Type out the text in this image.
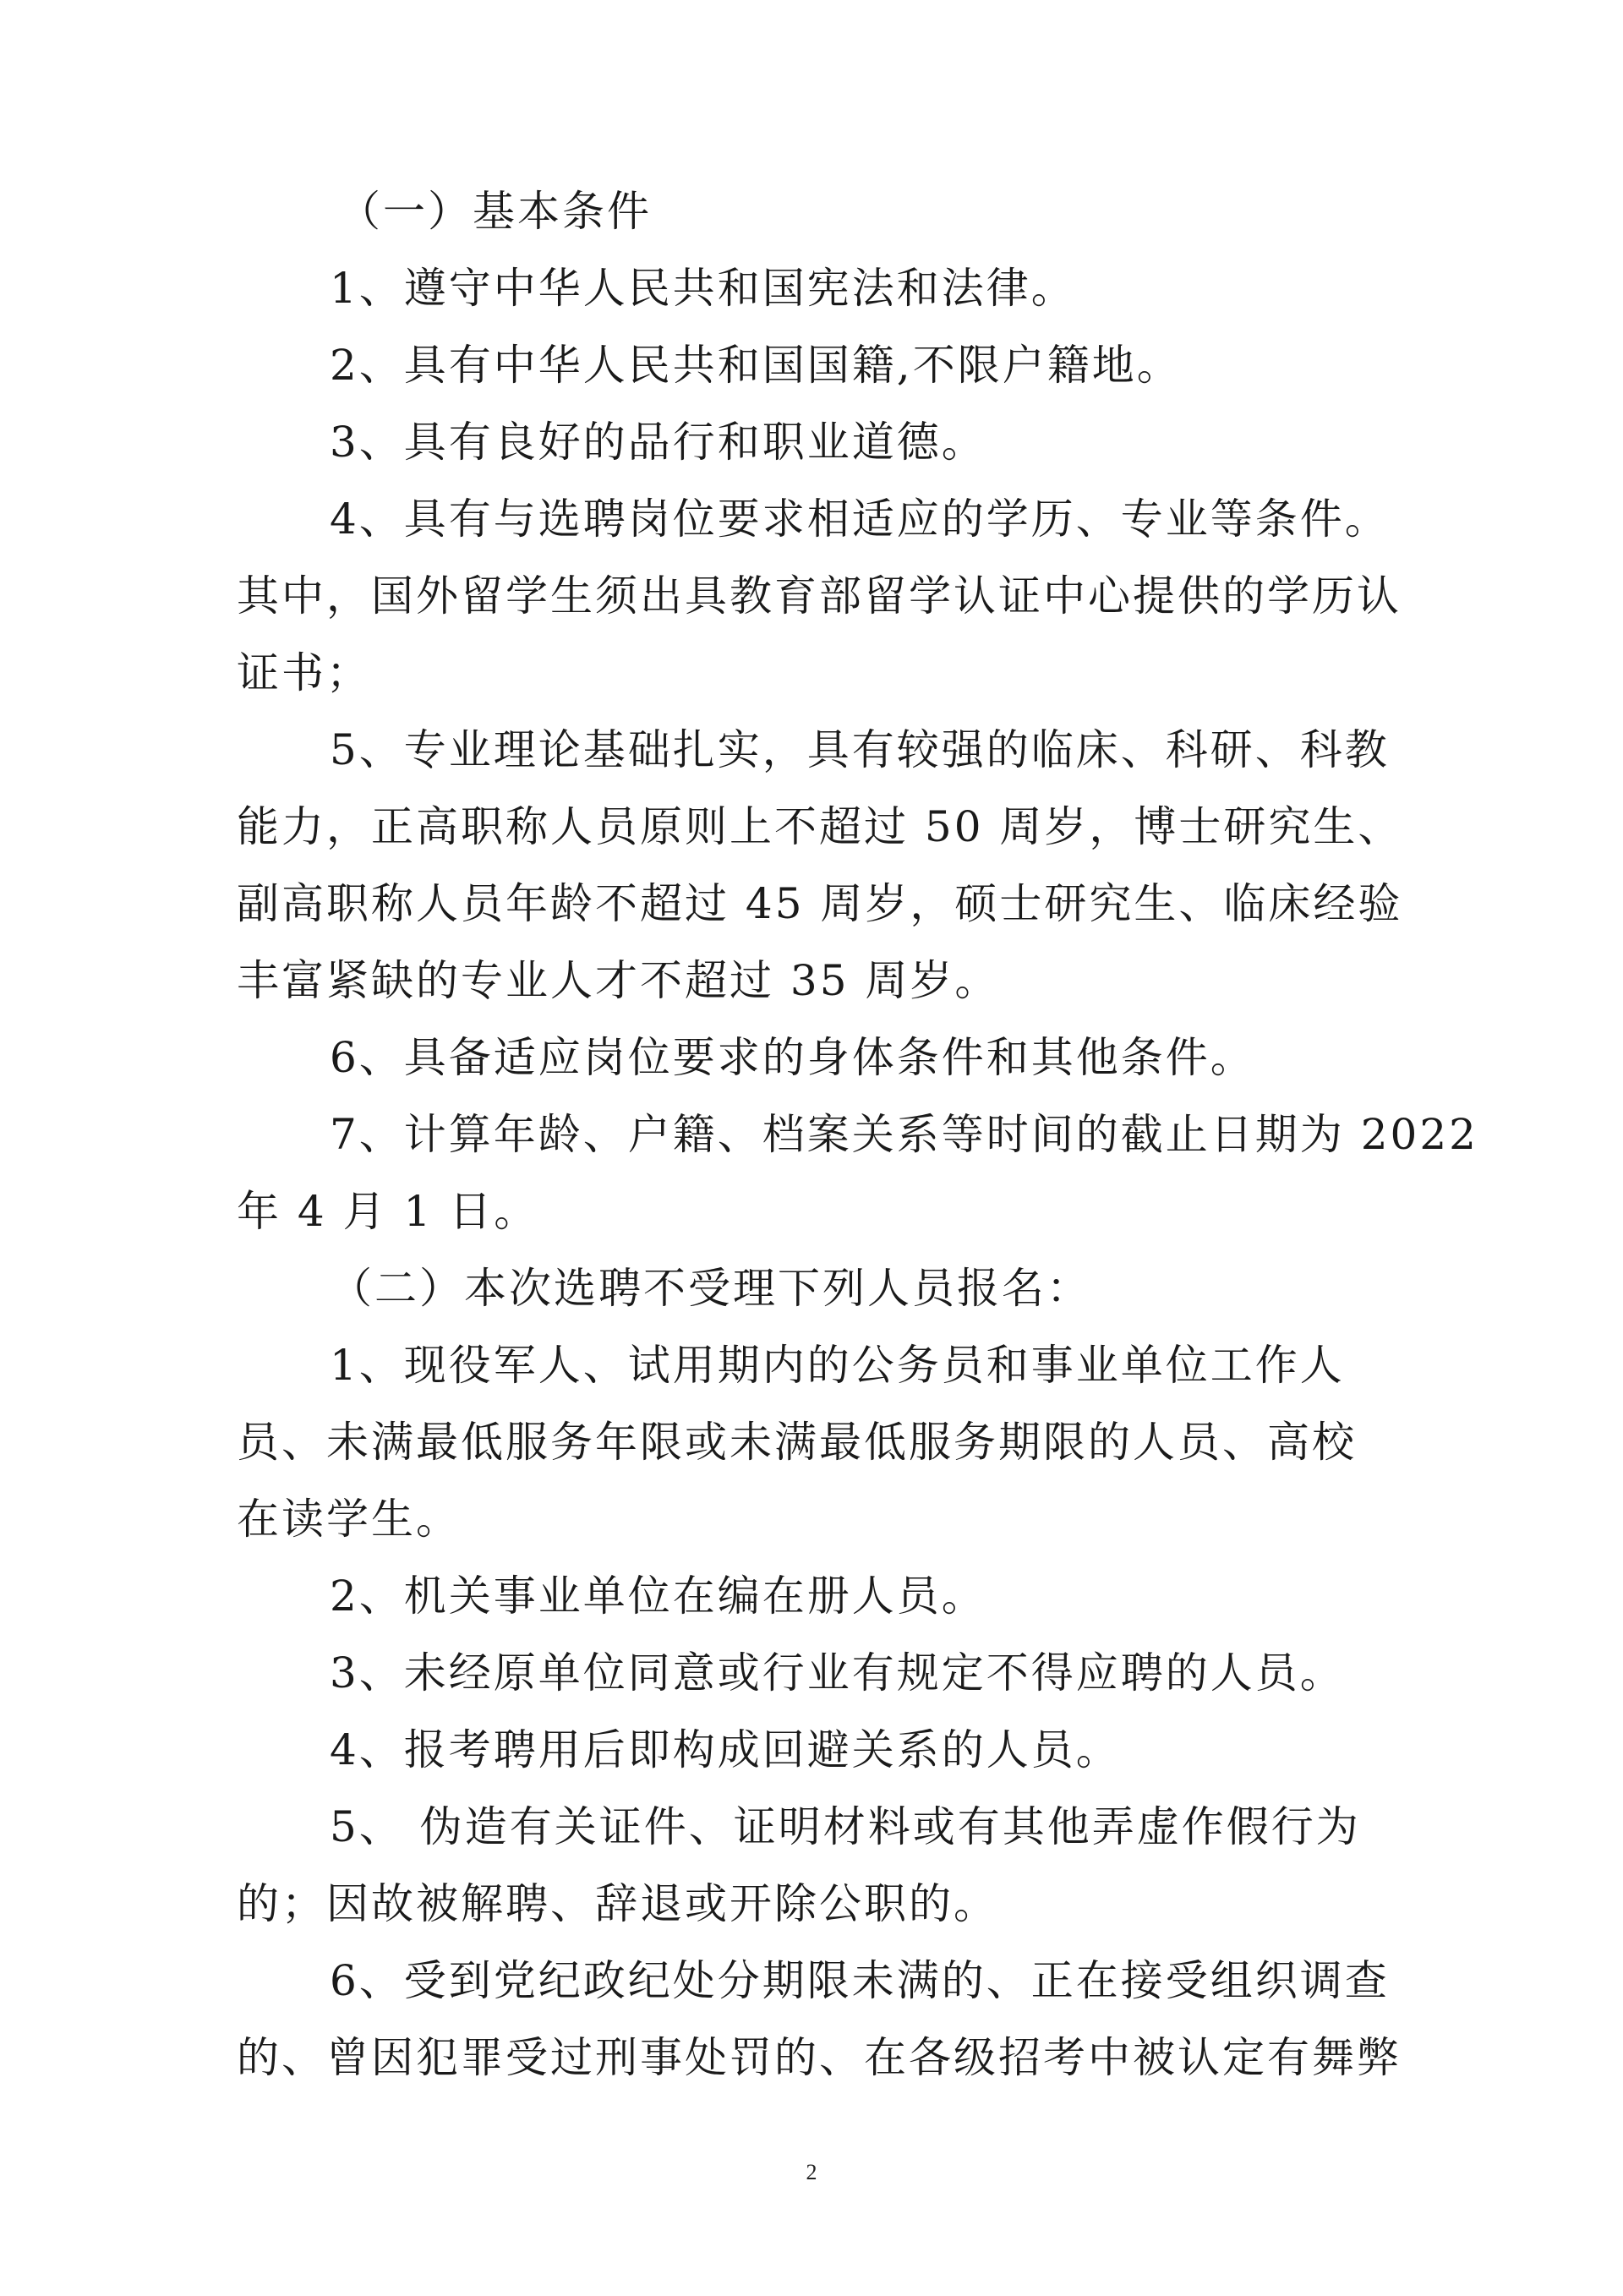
（一）基本条件

1、遵守中华人民共和国宪法和法律。

2、具有中华人民共和国国籍,不限户籍地。

3、具有良好的品行和职业道德。

4、具有与选聘岗位要求相适应的学历、专业等条件。

其中，国外留学生须出具教育部留学认证中心提供的学历认

证书；

5、专业理论基础扎实，具有较强的临床、科研、科教

能力，正高职称人员原则上不超过 50 周岁，博士研究生、

副高职称人员年龄不超过 45 周岁，硕士研究生、临床经验

丰富紧缺的专业人才不超过 35 周岁。

6、具备适应岗位要求的身体条件和其他条件。

7、计算年龄、户籍、档案关系等时间的截止日期为 2022

年 4 月 1 日。

（二）本次选聘不受理下列人员报名：

1、现役军人、试用期内的公务员和事业单位工作人

员、未满最低服务年限或未满最低服务期限的人员、高校

在读学生。

2、机关事业单位在编在册人员。

3、未经原单位同意或行业有规定不得应聘的人员。

4、报考聘用后即构成回避关系的人员。

5、 伪造有关证件、证明材料或有其他弄虚作假行为

的；因故被解聘、辞退或开除公职的。

6、受到党纪政纪处分期限未满的、正在接受组织调查

的、曾因犯罪受过刑事处罚的、在各级招考中被认定有舞弊

2
